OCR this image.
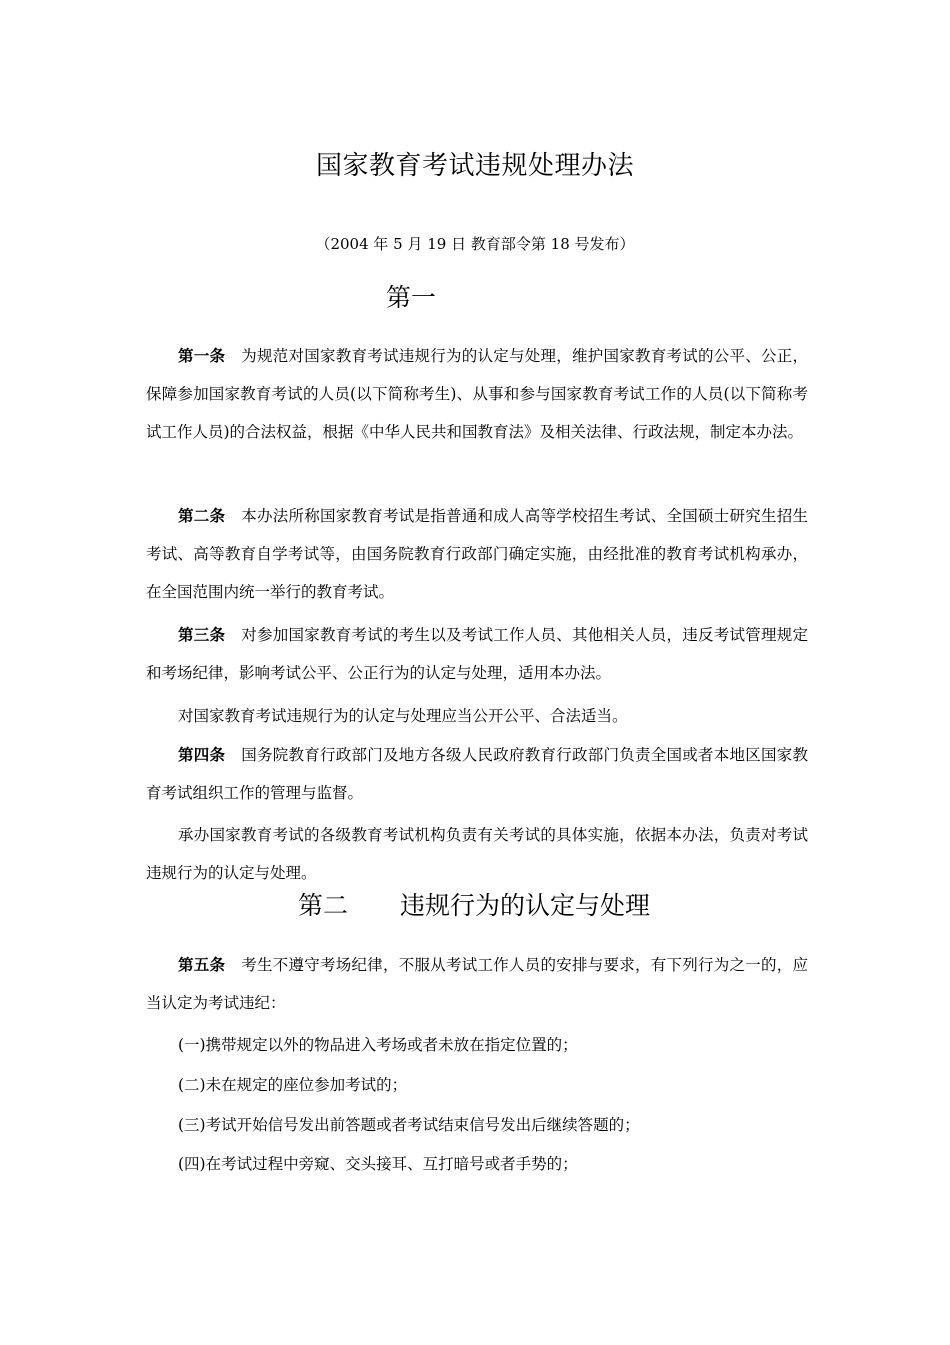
国家教育考试违规处理办法
（2004 年 5 月 19 日 教育部令第 18 号发布）
第一
第一条 为规范对国家教育考试违规行为的认定与处理，维护国家教育考试的公平、公正，保障参加国家教育考试的人员(以下简称考生)、从事和参与国家教育考试工作的人员(以下简称考试工作人员)的合法权益，根据《中华人民共和国教育法》及相关法律、行政法规，制定本办法。
第二条 本办法所称国家教育考试是指普通和成人高等学校招生考试、全国硕士研究生招生考试、高等教育自学考试等，由国务院教育行政部门确定实施，由经批准的教育考试机构承办，在全国范围内统一举行的教育考试。
第三条 对参加国家教育考试的考生以及考试工作人员、其他相关人员，违反考试管理规定和考场纪律，影响考试公平、公正行为的认定与处理，适用本办法。
对国家教育考试违规行为的认定与处理应当公开公平、合法适当。
第四条 国务院教育行政部门及地方各级人民政府教育行政部门负责全国或者本地区国家教育考试组织工作的管理与监督。
承办国家教育考试的各级教育考试机构负责有关考试的具体实施，依据本办法，负责对考试违规行为的认定与处理。
第二 违规行为的认定与处理
第五条 考生不遵守考场纪律，不服从考试工作人员的安排与要求，有下列行为之一的，应当认定为考试违纪：
(一)携带规定以外的物品进入考场或者未放在指定位置的；
(二)未在规定的座位参加考试的；
(三)考试开始信号发出前答题或者考试结束信号发出后继续答题的；
(四)在考试过程中旁窥、交头接耳、互打暗号或者手势的；
